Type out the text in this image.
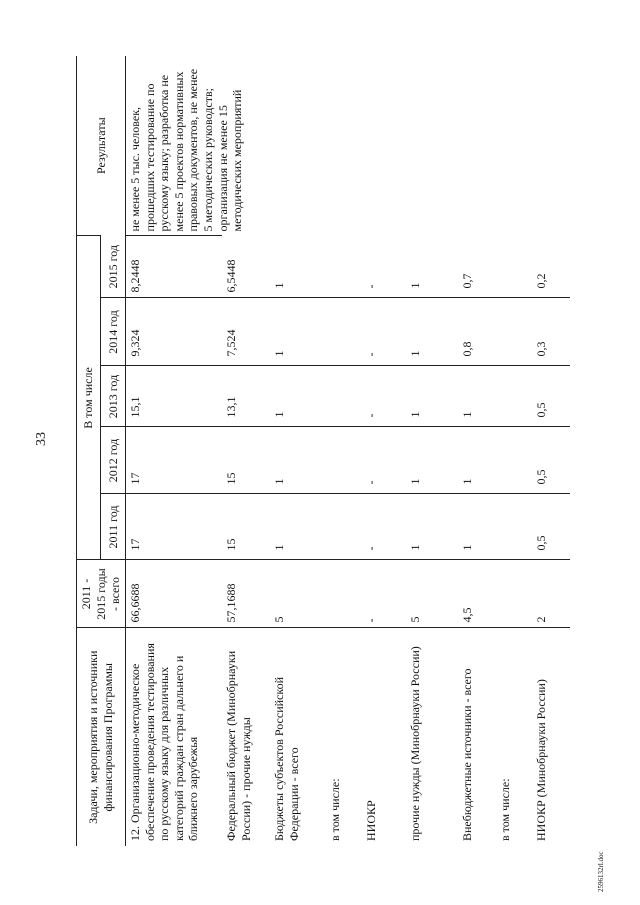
33
2596132rl.doc
Задачи, мероприятия и источники финансирования Программы	2011 - 2015 годы - всего	В том числе					Результаты
		2011 год	2012 год	2013 год	2014 год	2015 год	
12. Организационно-методическое обеспечение проведения тестирования по русскому языку для различных категорий граждан стран дальнего и ближнего зарубежья	66,6688	17	17	15,1	9,324	8,2448	не менее 5 тыс. человек, прошедших тестирование по русскому языку; разработка не менее 5 проектов нормативных правовых документов, не менее 5 методических руководств; организация не менее 15 методических мероприятий
Федеральный бюджет (Минобрнауки России) - прочие нужды	57,1688	15	15	13,1	7,524	6,5448	
Бюджеты субъектов Российской Федерации - всего	5	1	1	1	1	1	
в том числе:							
НИОКР	-	-	-	-	-	-	
прочие нужды (Минобрнауки России)	5	1	1	1	1	1	
Внебюджетные источники - всего	4,5	1	1	1	0,8	0,7	
в том числе:							
НИОКР (Минобрнауки России)	2	0,5	0,5	0,5	0,3	0,2	
